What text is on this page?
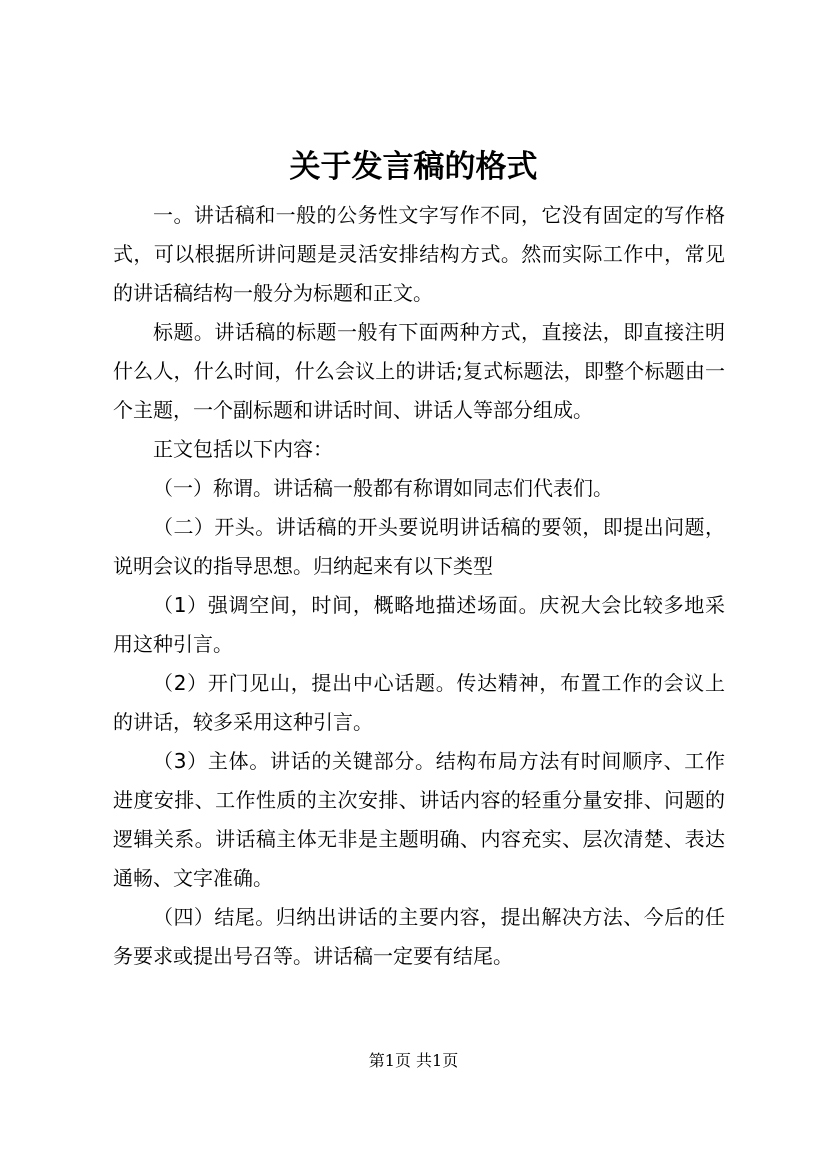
关于发言稿的格式

一。讲话稿和一般的公务性文字写作不同，它没有固定的写作格式，可以根据所讲问题是灵活安排结构方式。然而实际工作中，常见的讲话稿结构一般分为标题和正文。

标题。讲话稿的标题一般有下面两种方式，直接法，即直接注明什么人，什么时间，什么会议上的讲话;复式标题法，即整个标题由一个主题，一个副标题和讲话时间、讲话人等部分组成。

正文包括以下内容：

（一）称谓。讲话稿一般都有称谓如同志们代表们。

（二）开头。讲话稿的开头要说明讲话稿的要领，即提出问题，说明会议的指导思想。归纳起来有以下类型

（1）强调空间，时间，概略地描述场面。庆祝大会比较多地采用这种引言。

（2）开门见山，提出中心话题。传达精神，布置工作的会议上的讲话，较多采用这种引言。

（3）主体。讲话的关键部分。结构布局方法有时间顺序、工作进度安排、工作性质的主次安排、讲话内容的轻重分量安排、问题的逻辑关系。讲话稿主体无非是主题明确、内容充实、层次清楚、表达通畅、文字准确。

（四）结尾。归纳出讲话的主要内容，提出解决方法、今后的任务要求或提出号召等。讲话稿一定要有结尾。

第1页 共1页
